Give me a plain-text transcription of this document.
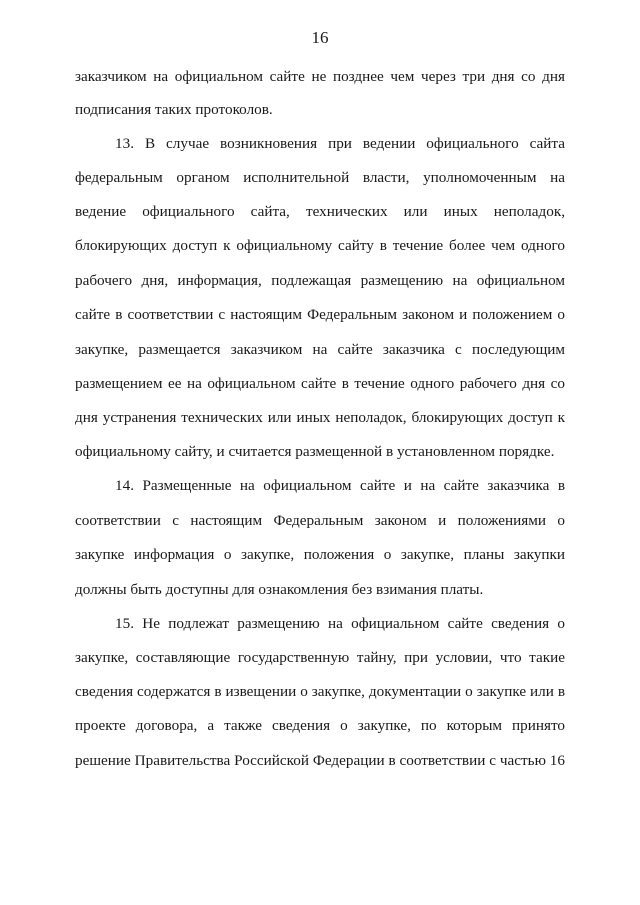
16
заказчиком на официальном сайте не позднее чем через три дня со дня
подписания таких протоколов.
13. В случае возникновения при ведении официального сайта
федеральным органом исполнительной власти, уполномоченным на
ведение официального сайта, технических или иных неполадок,
блокирующих доступ к официальному сайту в течение более чем одного
рабочего дня, информация, подлежащая размещению на официальном
сайте в соответствии с настоящим Федеральным законом и положением о
закупке, размещается заказчиком на сайте заказчика с последующим
размещением ее на официальном сайте в течение одного рабочего дня со
дня устранения технических или иных неполадок, блокирующих доступ к
официальному сайту, и считается размещенной в установленном порядке.
14. Размещенные на официальном сайте и на сайте заказчика в
соответствии с настоящим Федеральным законом и положениями о
закупке информация о закупке, положения о закупке, планы закупки
должны быть доступны для ознакомления без взимания платы.
15. Не подлежат размещению на официальном сайте сведения о
закупке, составляющие государственную тайну, при условии, что такие
сведения содержатся в извещении о закупке, документации о закупке или в
проекте договора, а также сведения о закупке, по которым принято
решение Правительства Российской Федерации в соответствии с частью 16
